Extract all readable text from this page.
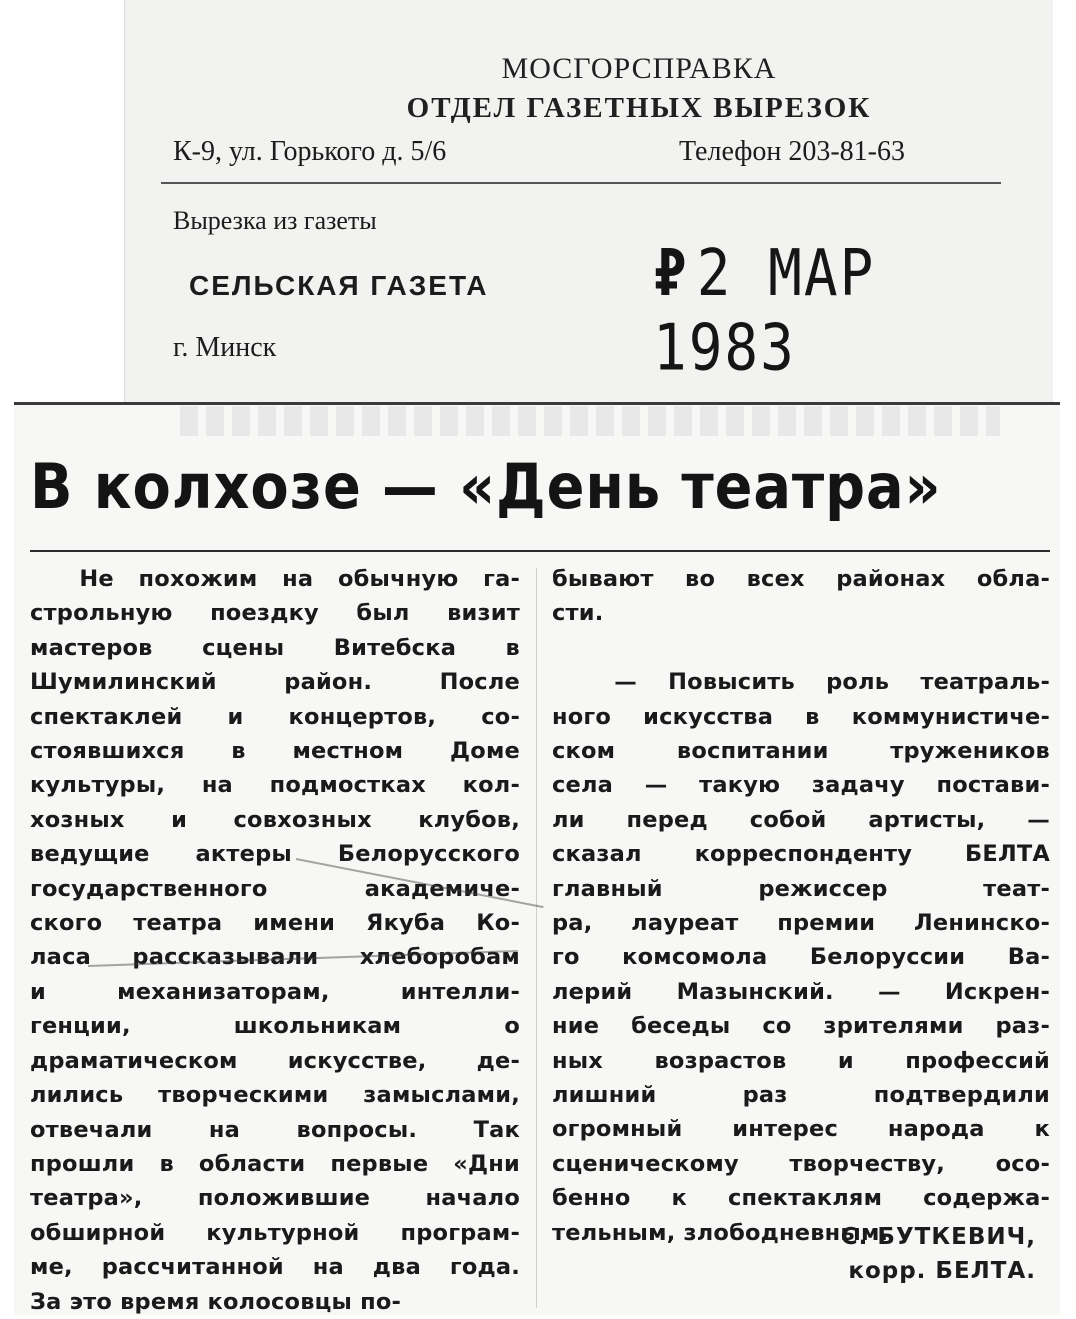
МОСГОРСПРАВКА
ОТДЕЛ ГАЗЕТНЫХ ВЫРЕЗОК
К-9, ул. Горького д. 5/6	Телефон 203-81-63
Вырезка из газеты
СЕЛЬСКАЯ ГАЗЕТА
г. Минск
₽ 2 МАР 1983
В колхозе — «День театра»
Не похожим на обычную га-
строльную поездку был визит
мастеров сцены Витебска в
Шумилинский район. После
спектаклей и концертов, со-
стоявшихся в местном Доме
культуры, на подмостках кол-
хозных и совхозных клубов,
ведущие актеры Белорусского
государственного академиче-
ского театра имени Якуба Ко-
ласа рассказывали хлеборобам
и механизаторам, интелли-
генции, школьникам о
драматическом искусстве, де-
лились творческими замыслами,
отвечали на вопросы. Так
прошли в области первые «Дни
театра», положившие начало
обширной культурной програм-
ме, рассчитанной на два года.
За это время колосовцы по-
бывают во всех районах обла-
сти.
— Повысить роль театраль-
ного искусства в коммунистиче-
ском воспитании тружеников
села — такую задачу постави-
ли перед собой артисты, —
сказал корреспонденту БЕЛТА
главный режиссер теат-
ра, лауреат премии Ленинско-
го комсомола Белоруссии Ва-
лерий Мазынский. — Искрен-
ние беседы со зрителями раз-
ных возрастов и профессий
лишний раз подтвердили
огромный интерес народа к
сценическому творчеству, осо-
бенно к спектаклям содержа-
тельным, злободневным.
С. БУТКЕВИЧ,
корр. БЕЛТА.
